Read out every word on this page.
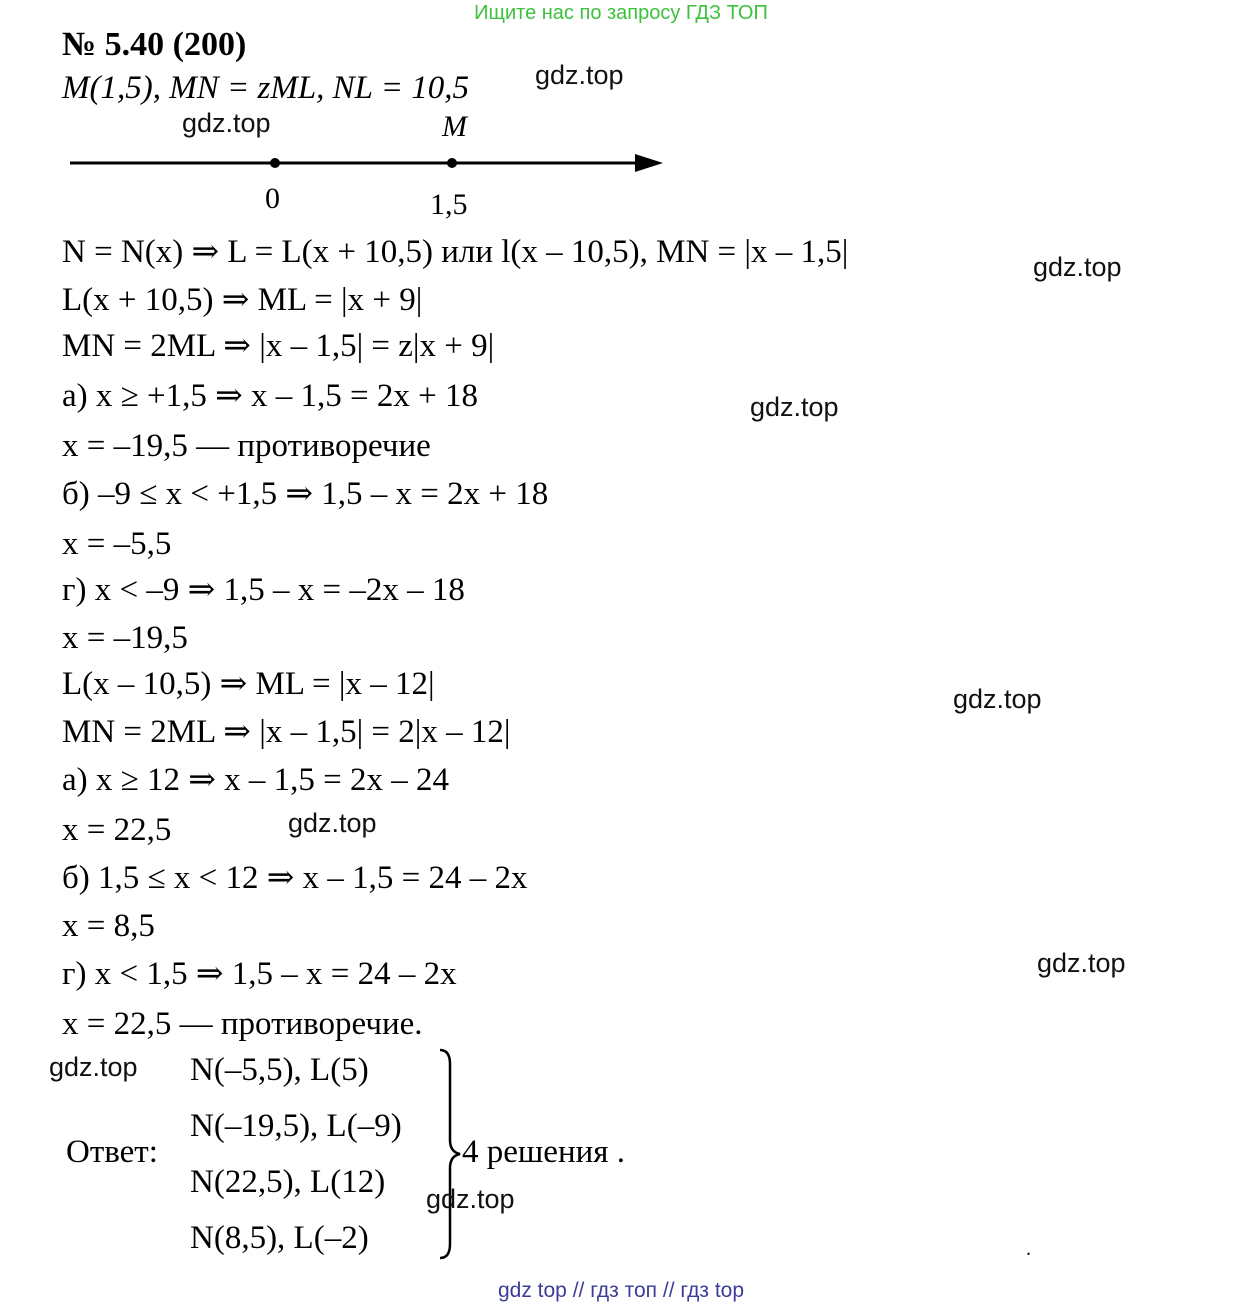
Ищите нас по запросу ГДЗ ТОП
№ 5.40 (200)
M(1,5), MN = zML, NL = 10,5
M
0	1,5
N = N(x) ⇒ L = L(x + 10,5) или l(x – 10,5), MN = |x – 1,5|
L(x + 10,5) ⇒ ML = |x + 9|
MN = 2ML ⇒ |x – 1,5| = z|x + 9|
а) x ≥ +1,5 ⇒ x – 1,5 = 2x + 18
x = –19,5 — противоречие
б) –9 ≤ x < +1,5 ⇒ 1,5 – x = 2x + 18
x = –5,5
г) x < –9 ⇒ 1,5 – x = –2x – 18
x = –19,5
L(x – 10,5) ⇒ ML = |x – 12|
MN = 2ML ⇒ |x – 1,5| = 2|x – 12|
а) x ≥ 12 ⇒ x – 1,5 = 2x – 24
x = 22,5
б) 1,5 ≤ x < 12 ⇒ x – 1,5 = 24 – 2x
x = 8,5
г) x < 1,5 ⇒ 1,5 – x = 24 – 2x
x = 22,5 — противоречие.
Ответ:
N(–5,5), L(5)
N(–19,5), L(–9)
N(22,5), L(12)
N(8,5), L(–2)
4 решения .
.
gdz.top
gdz.top
gdz.top
gdz.top
gdz.top
gdz.top
gdz.top
gdz.top
gdz.top
gdz top // гдз топ // гдз top
